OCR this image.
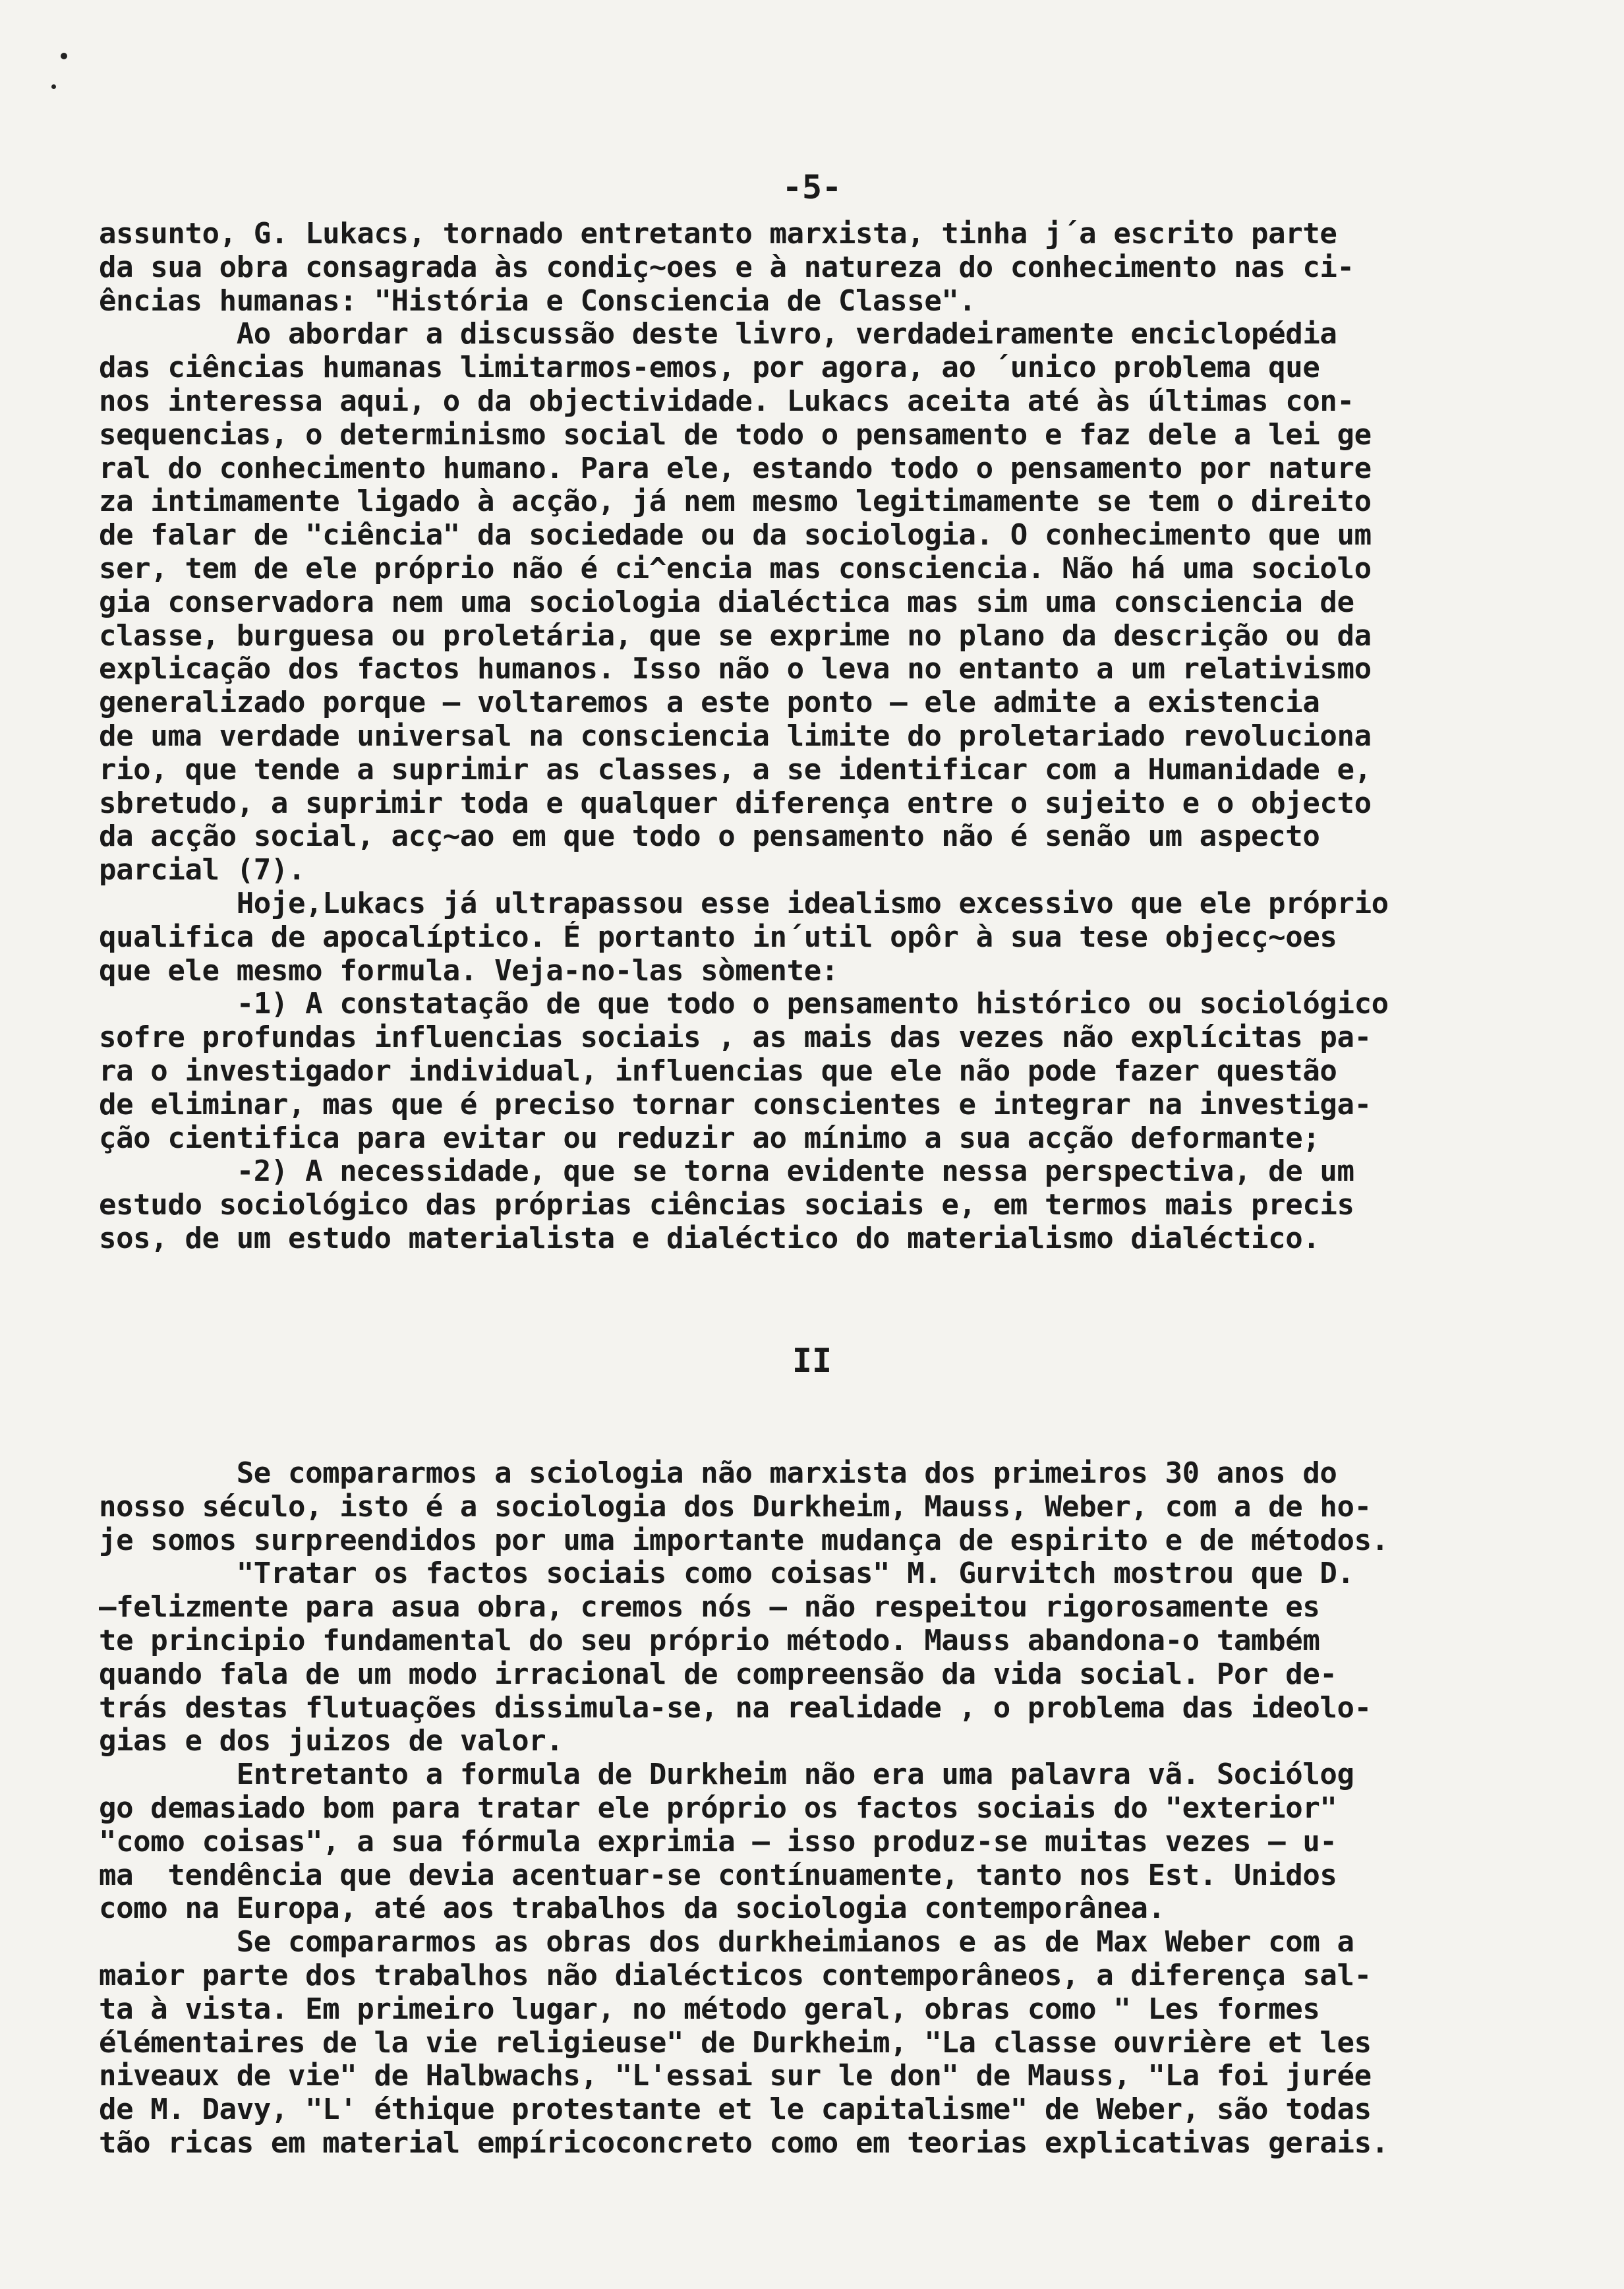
-5-
assunto, G. Lukacs, tornado entretanto marxista, tinha j´a escrito parte
da sua obra consagrada às condiç~oes e à natureza do conhecimento nas ci-
ências humanas: "História e Consciencia de Classe".
Ao abordar a discussão deste livro, verdadeiramente enciclopédia
das ciências humanas limitarmos-emos, por agora, ao ´unico problema que
nos interessa aqui, o da objectividade. Lukacs aceita até às últimas con-
sequencias, o determinismo social de todo o pensamento e faz dele a lei ge
ral do conhecimento humano. Para ele, estando todo o pensamento por nature
za intimamente ligado à acção, já nem mesmo legitimamente se tem o direito
de falar de "ciência" da sociedade ou da sociologia. O conhecimento que um
ser, tem de ele próprio não é ci^encia mas consciencia. Não há uma sociolo
gia conservadora nem uma sociologia dialéctica mas sim uma consciencia de
classe, burguesa ou proletária, que se exprime no plano da descrição ou da
explicação dos factos humanos. Isso não o leva no entanto a um relativismo
generalizado porque — voltaremos a este ponto — ele admite a existencia
de uma verdade universal na consciencia limite do proletariado revoluciona
rio, que tende a suprimir as classes, a se identificar com a Humanidade e,
sbretudo, a suprimir toda e qualquer diferença entre o sujeito e o objecto
da acção social, acç~ao em que todo o pensamento não é senão um aspecto
parcial (7).
Hoje,Lukacs já ultrapassou esse idealismo excessivo que ele próprio
qualifica de apocalíptico. É portanto in´util opôr à sua tese objecç~oes
que ele mesmo formula. Veja-no-las sòmente:
-1) A constatação de que todo o pensamento histórico ou sociológico
sofre profundas influencias sociais , as mais das vezes não explícitas pa-
ra o investigador individual, influencias que ele não pode fazer questão
de eliminar, mas que é preciso tornar conscientes e integrar na investiga-
ção cientifica para evitar ou reduzir ao mínimo a sua acção deformante;
-2) A necessidade, que se torna evidente nessa perspectiva, de um
estudo sociológico das próprias ciências sociais e, em termos mais precis
sos, de um estudo materialista e dialéctico do materialismo dialéctico.
II
Se compararmos a sciologia não marxista dos primeiros 30 anos do
nosso século, isto é a sociologia dos Durkheim, Mauss, Weber, com a de ho-
je somos surpreendidos por uma importante mudança de espirito e de métodos.
"Tratar os factos sociais como coisas" M. Gurvitch mostrou que D.
—felizmente para asua obra, cremos nós — não respeitou rigorosamente es
te principio fundamental do seu próprio método. Mauss abandona-o também
quando fala de um modo irracional de compreensão da vida social. Por de-
trás destas flutuações dissimula-se, na realidade , o problema das ideolo-
gias e dos juizos de valor.
Entretanto a formula de Durkheim não era uma palavra vã. Sociólog
go demasiado bom para tratar ele próprio os factos sociais do "exterior"
"como coisas", a sua fórmula exprimia — isso produz-se muitas vezes — u-
ma  tendência que devia acentuar-se contínuamente, tanto nos Est. Unidos
como na Europa, até aos trabalhos da sociologia contemporânea.
Se compararmos as obras dos durkheimianos e as de Max Weber com a
maior parte dos trabalhos não dialécticos contemporâneos, a diferença sal-
ta à vista. Em primeiro lugar, no método geral, obras como " Les formes
élémentaires de la vie religieuse" de Durkheim, "La classe ouvrière et les
niveaux de vie" de Halbwachs, "L'essai sur le don" de Mauss, "La foi jurée
de M. Davy, "L' éthique protestante et le capitalisme" de Weber, são todas
tão ricas em material empíricoconcreto como em teorias explicativas gerais.
